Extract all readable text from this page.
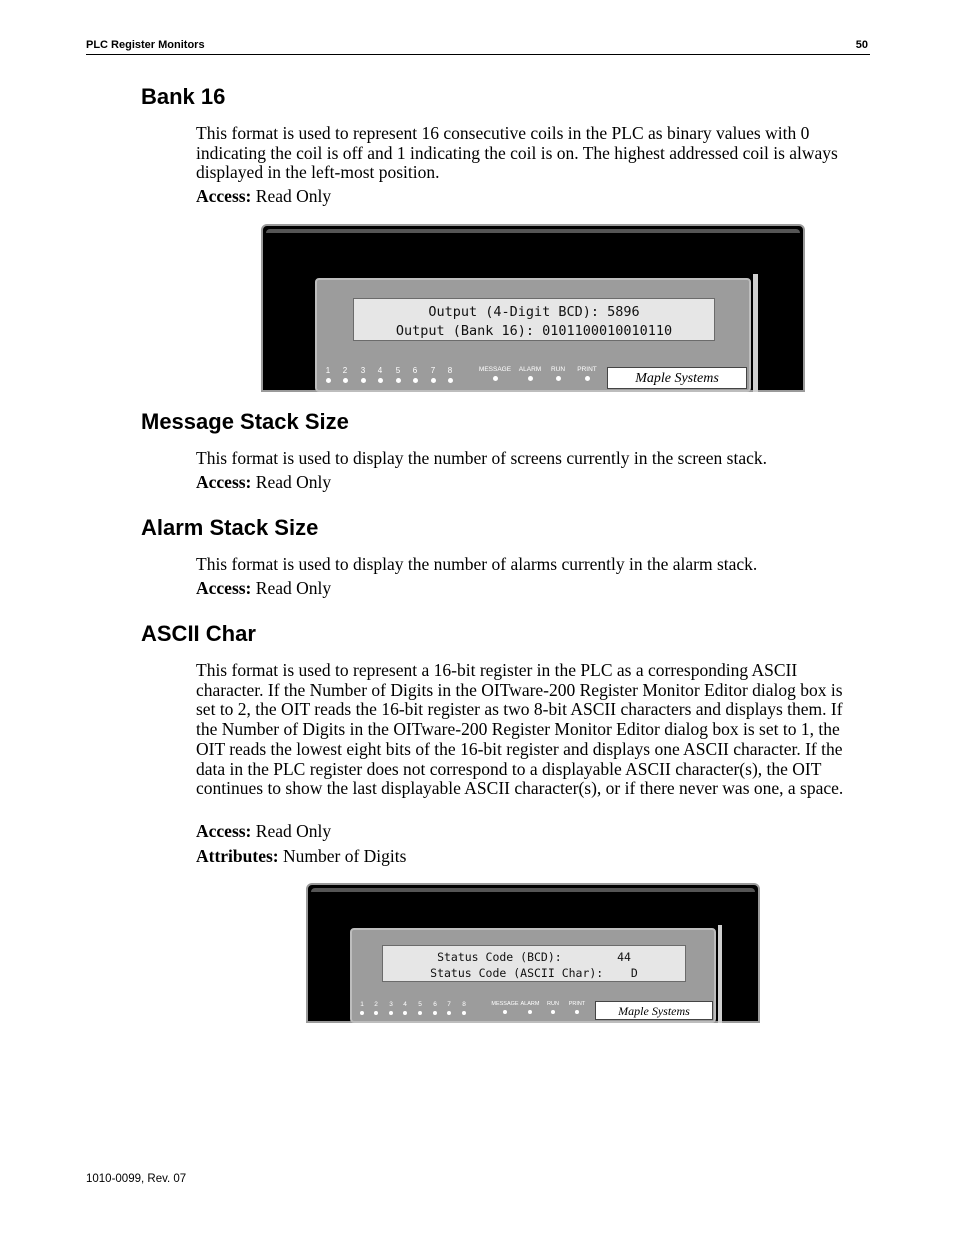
PLC Register Monitors	50
Bank 16

This format is used to represent 16 consecutive coils in the PLC as binary values with 0 indicating the coil is off and 1 indicating the coil is on. The highest addressed coil is always displayed in the left-most position.

Access: Read Only

Output (4-Digit BCD): 5896

Output (Bank 16): 0101100010010110

1	2	3	4	5	6	7	8	MESSAGE	ALARM	RUN	PRINT
Maple Systems
Message Stack Size

This format is used to display the number of screens currently in the screen stack.

Access: Read Only

Alarm Stack Size

This format is used to display the number of alarms currently in the alarm stack.

Access: Read Only

ASCII Char

This format is used to represent a 16-bit register in the PLC as a corresponding ASCII character. If the Number of Digits in the OITware-200 Register Monitor Editor dialog box is set to 2, the OIT reads the 16-bit register as two 8-bit ASCII characters and displays them. If the Number of Digits in the OITware-200 Register Monitor Editor dialog box is set to 1, the OIT reads the lowest eight bits of the 16-bit register and displays one ASCII character. If the data in the PLC register does not correspond to a displayable ASCII character(s), the OIT continues to show the last displayable ASCII character(s), or if there never was one, a space.

Access: Read Only

Attributes: Number of Digits

Status Code (BCD):        44

Status Code (ASCII Char):    D

1	2	3	4	5	6	7	8	MESSAGE ALARM	RUN	PRINT	Maple Systems
1010-0099, Rev. 07
